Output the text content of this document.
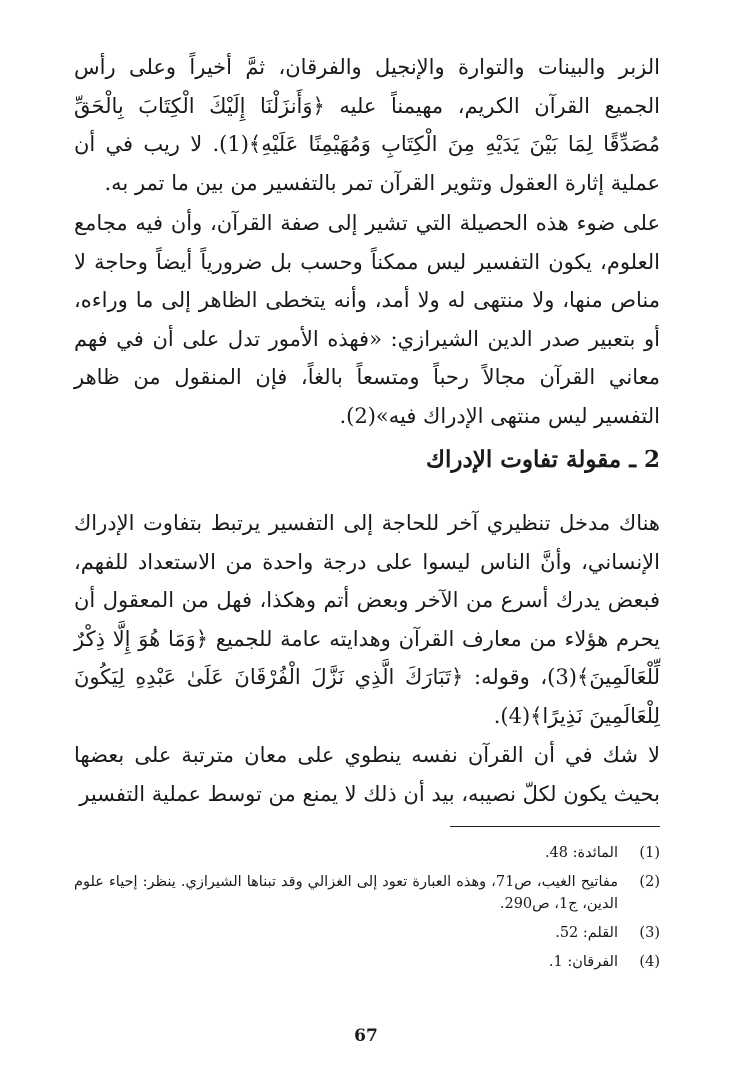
الزبر والبينات والتوارة والإنجيل والفرقان، ثمَّ أخيراً وعلى رأس الجميع القرآن الكريم، مهيمناً عليه ﴿وَأَنزَلْنَا إِلَيْكَ الْكِتَابَ بِالْحَقِّ مُصَدِّقًا لِمَا بَيْنَ يَدَيْهِ مِنَ الْكِتَابِ وَمُهَيْمِنًا عَلَيْهِ﴾(1). لا ريب في أن عملية إثارة العقول وتثوير القرآن تمر بالتفسير من بين ما تمر به.

على ضوء هذه الحصيلة التي تشير إلى صفة القرآن، وأن فيه مجامع العلوم، يكون التفسير ليس ممكناً وحسب بل ضرورياً أيضاً وحاجة لا مناص منها، ولا منتهى له ولا أمد، وأنه يتخطى الظاهر إلى ما وراءه، أو بتعبير صدر الدين الشيرازي: «فهذه الأمور تدل على أن في فهم معاني القرآن مجالاً رحباً ومتسعاً بالغاً، فإن المنقول من ظاهر التفسير ليس منتهى الإدراك فيه»(2).

2 ـ مقولة تفاوت الإدراك

هناك مدخل تنظيري آخر للحاجة إلى التفسير يرتبط بتفاوت الإدراك الإنساني، وأنَّ الناس ليسوا على درجة واحدة من الاستعداد للفهم، فبعض يدرك أسرع من الآخر وبعض أتم وهكذا، فهل من المعقول أن يحرم هؤلاء من معارف القرآن وهدايته عامة للجميع ﴿وَمَا هُوَ إِلَّا ذِكْرٌ لِّلْعَالَمِينَ﴾(3)، وقوله: ﴿تَبَارَكَ الَّذِي نَزَّلَ الْفُرْقَانَ عَلَىٰ عَبْدِهِ لِيَكُونَ لِلْعَالَمِينَ نَذِيرًا﴾(4).

لا شك في أن القرآن نفسه ينطوي على معان مترتبة على بعضها بحيث يكون لكلّ نصيبه، بيد أن ذلك لا يمنع من توسط عملية التفسير

(1)
المائدة: 48.
(2)
مفاتيح الغيب، ص71، وهذه العبارة تعود إلى الغزالي وقد تبناها الشيرازي. ينظر: إحياء علوم الدين، ج1، ص290.
(3)
القلم: 52.
(4)
الفرقان: 1.
67
